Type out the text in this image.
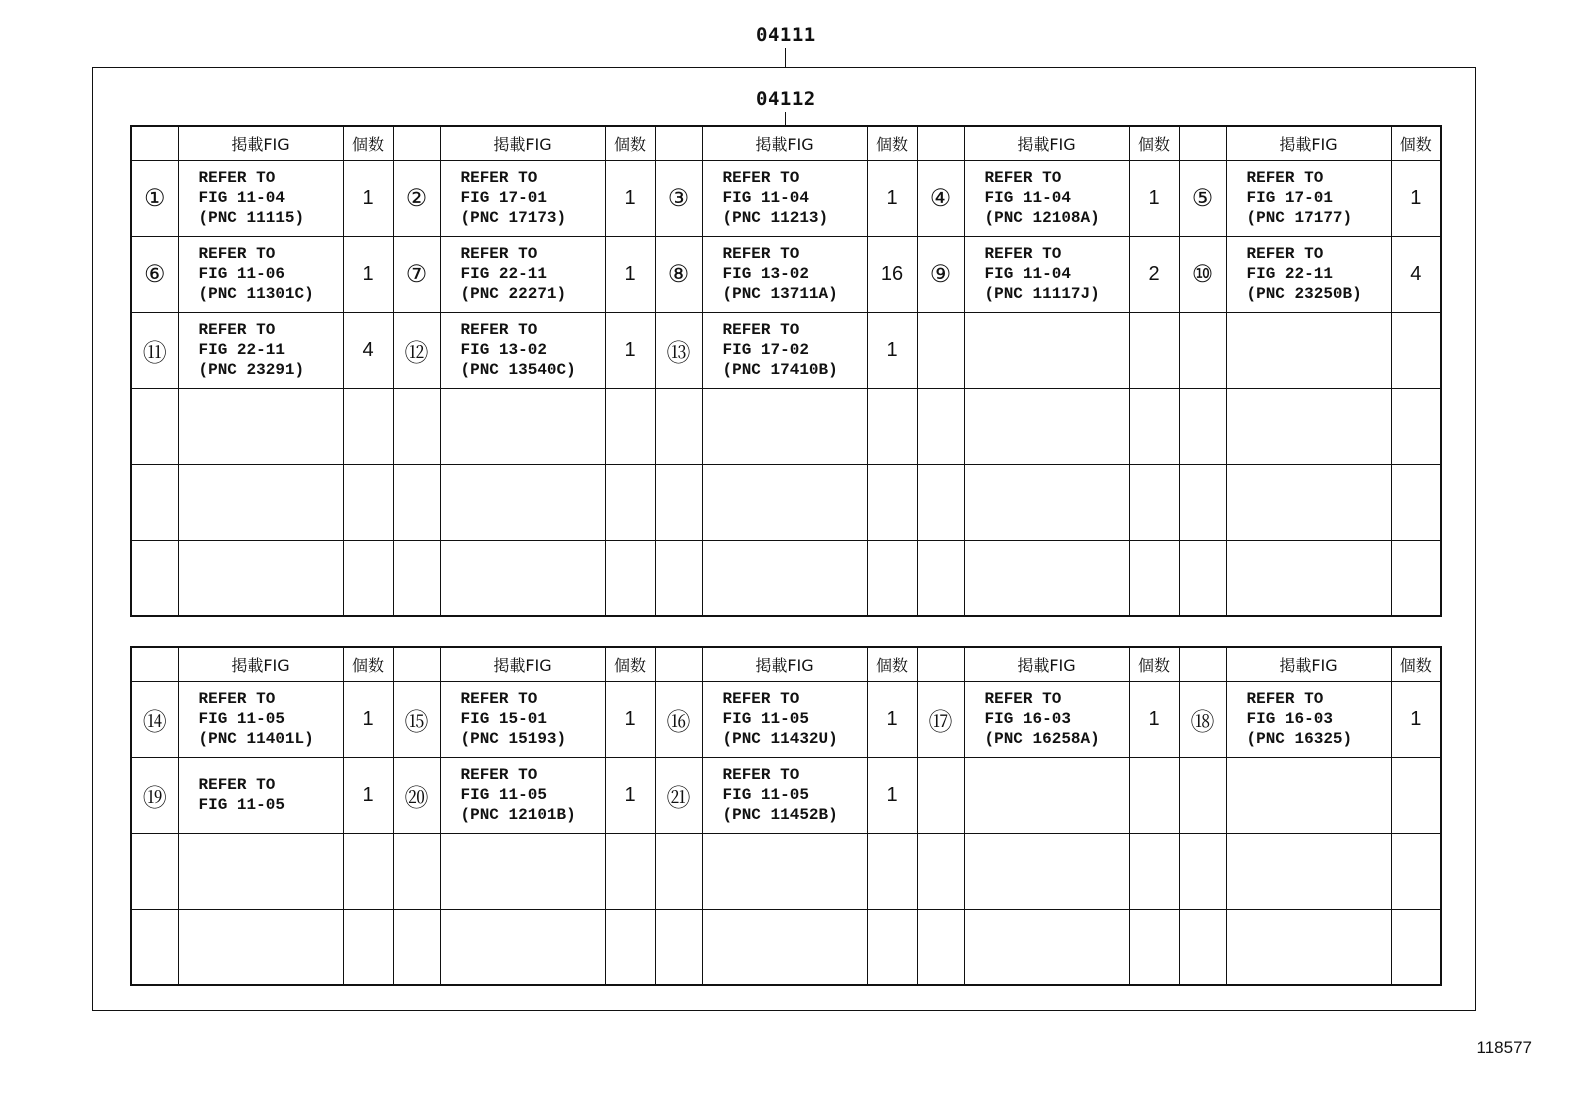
04111
04112
	掲載FIG	個数		掲載FIG	個数		掲載FIG	個数		掲載FIG	個数		掲載FIG	個数
①	REFER TO
FIG 11-04
(PNC 11115)	1	②	REFER TO
FIG 17-01
(PNC 17173)	1	③	REFER TO
FIG 11-04
(PNC 11213)	1	④	REFER TO
FIG 11-04
(PNC 12108A)	1	⑤	REFER TO
FIG 17-01
(PNC 17177)	1
⑥	REFER TO
FIG 11-06
(PNC 11301C)	1	⑦	REFER TO
FIG 22-11
(PNC 22271)	1	⑧	REFER TO
FIG 13-02
(PNC 13711A)	16	⑨	REFER TO
FIG 11-04
(PNC 11117J)	2	⑩	REFER TO
FIG 22-11
(PNC 23250B)	4
⑪	REFER TO
FIG 22-11
(PNC 23291)	4	⑫	REFER TO
FIG 13-02
(PNC 13540C)	1	⑬	REFER TO
FIG 17-02
(PNC 17410B)	1		

	掲載FIG	個数		掲載FIG	個数		掲載FIG	個数		掲載FIG	個数		掲載FIG	個数
⑭	REFER TO
FIG 11-05
(PNC 11401L)	1	⑮	REFER TO
FIG 15-01
(PNC 15193)	1	⑯	REFER TO
FIG 11-05
(PNC 11432U)	1	⑰	REFER TO
FIG 16-03
(PNC 16258A)	1	⑱	REFER TO
FIG 16-03
(PNC 16325)	1
⑲	REFER TO
FIG 11-05	1	⑳	REFER TO
FIG 11-05
(PNC 12101B)	1	㉑	REFER TO
FIG 11-05
(PNC 11452B)	1		

118577
